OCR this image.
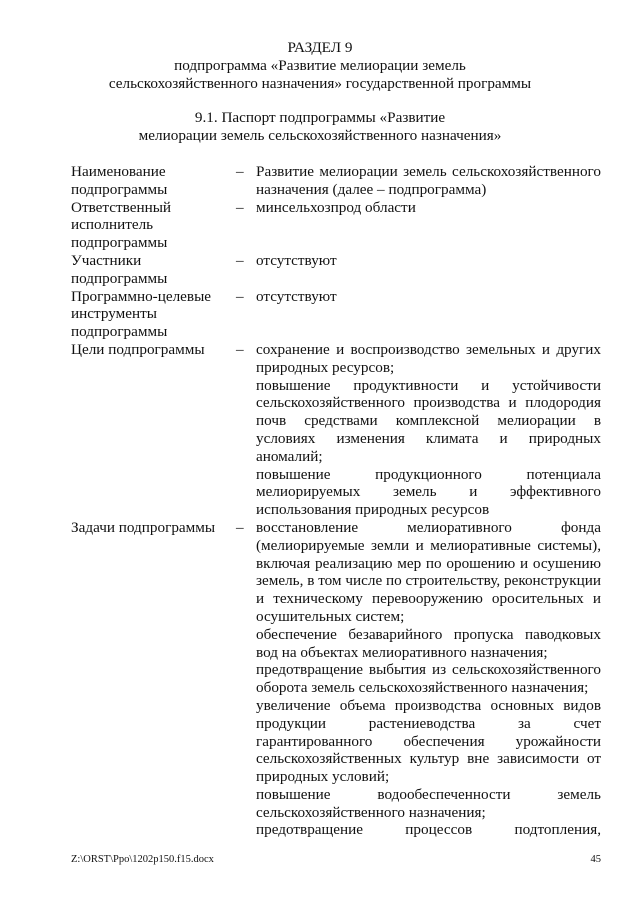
РАЗДЕЛ 9
подпрограмма «Развитие мелиорации земель
сельскохозяйственного назначения» государственной программы
9.1. Паспорт подпрограммы «Развитие
мелиорации земель сельскохозяйственного назначения»
Наименование
подпрограммы
– Развитие мелиорации земель сельскохозяйственного назначения (далее – подпрограмма)
Ответственный
исполнитель
подпрограммы
– минсельхозпрод области
Участники
подпрограммы
– отсутствуют
Программно-целевые
инструменты
подпрограммы
– отсутствуют
Цели подпрограммы	– сохранение и воспроизводство земельных и других природных ресурсов;
повышение продуктивности и устойчивости сельскохозяйственного производства и плодородия почв средствами комплексной мелиорации в условиях изменения климата и природных аномалий;
повышение продукционного потенциала мелиорируемых земель и эффективного использования природных ресурсов
Задачи подпрограммы	– восстановление мелиоративного фонда (мелиорируемые земли и мелиоративные системы), включая реализацию мер по орошению и осушению земель, в том числе по строительству, реконструкции и техническому перевооружению оросительных и осушительных систем;
обеспечение безаварийного пропуска паводковых вод на объектах мелиоративного назначения;
предотвращение выбытия из сельскохозяйственного оборота земель сельскохозяйственного назначения;
увеличение объема производства основных видов продукции растениеводства за счет гарантированного обеспечения урожайности сельскохозяйственных культур вне зависимости от природных условий;
повышение водообеспеченности земель сельскохозяйственного назначения;
предотвращение процессов подтопления,
Z:\ORST\Ppo\1202p150.f15.docx	45
